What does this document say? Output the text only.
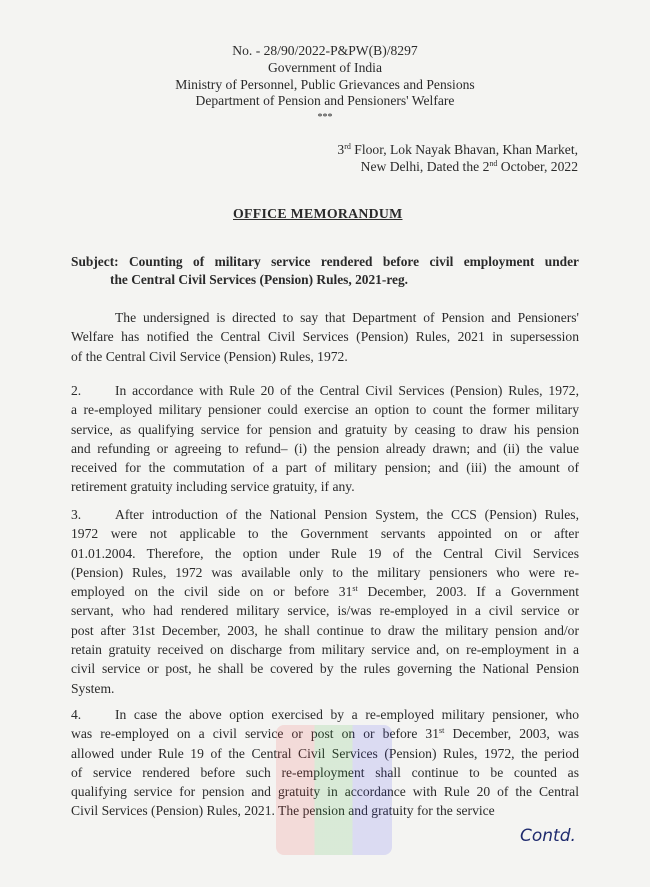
No. - 28/90/2022-P&PW(B)/8297
Government of India
Ministry of Personnel, Public Grievances and Pensions
Department of Pension and Pensioners' Welfare
***
3rd Floor, Lok Nayak Bhavan, Khan Market,
New Delhi, Dated the 2nd October, 2022
OFFICE MEMORANDUM
Subject: Counting of military service rendered before civil employment under
the Central Civil Services (Pension) Rules, 2021-reg.
The undersigned is directed to say that Department of Pension and Pensioners'
Welfare has notified the Central Civil Services (Pension) Rules, 2021 in supersession
of the Central Civil Service (Pension) Rules, 1972.
2. In accordance with Rule 20 of the Central Civil Services (Pension) Rules, 1972,
a re-employed military pensioner could exercise an option to count the former military
service, as qualifying service for pension and gratuity by ceasing to draw his pension
and refunding or agreeing to refund– (i) the pension already drawn; and (ii) the value
received for the commutation of a part of military pension; and (iii) the amount of
retirement gratuity including service gratuity, if any.
3. After introduction of the National Pension System, the CCS (Pension) Rules,
1972 were not applicable to the Government servants appointed on or after
01.01.2004. Therefore, the option under Rule 19 of the Central Civil Services
(Pension) Rules, 1972 was available only to the military pensioners who were re-
employed on the civil side on or before 31st December, 2003. If a Government
servant, who had rendered military service, is/was re-employed in a civil service or
post after 31st December, 2003, he shall continue to draw the military pension and/or
retain gratuity received on discharge from military service and, on re-employment in a
civil service or post, he shall be covered by the rules governing the National Pension
System.
4. In case the above option exercised by a re-employed military pensioner, who
was re-employed on a civil service or post on or before 31st December, 2003, was
allowed under Rule 19 of the Central Civil Services (Pension) Rules, 1972, the period
of service rendered before such re-employment shall continue to be counted as
qualifying service for pension and gratuity in accordance with Rule 20 of the Central
Civil Services (Pension) Rules, 2021. The pension and gratuity for the service
Contd.
